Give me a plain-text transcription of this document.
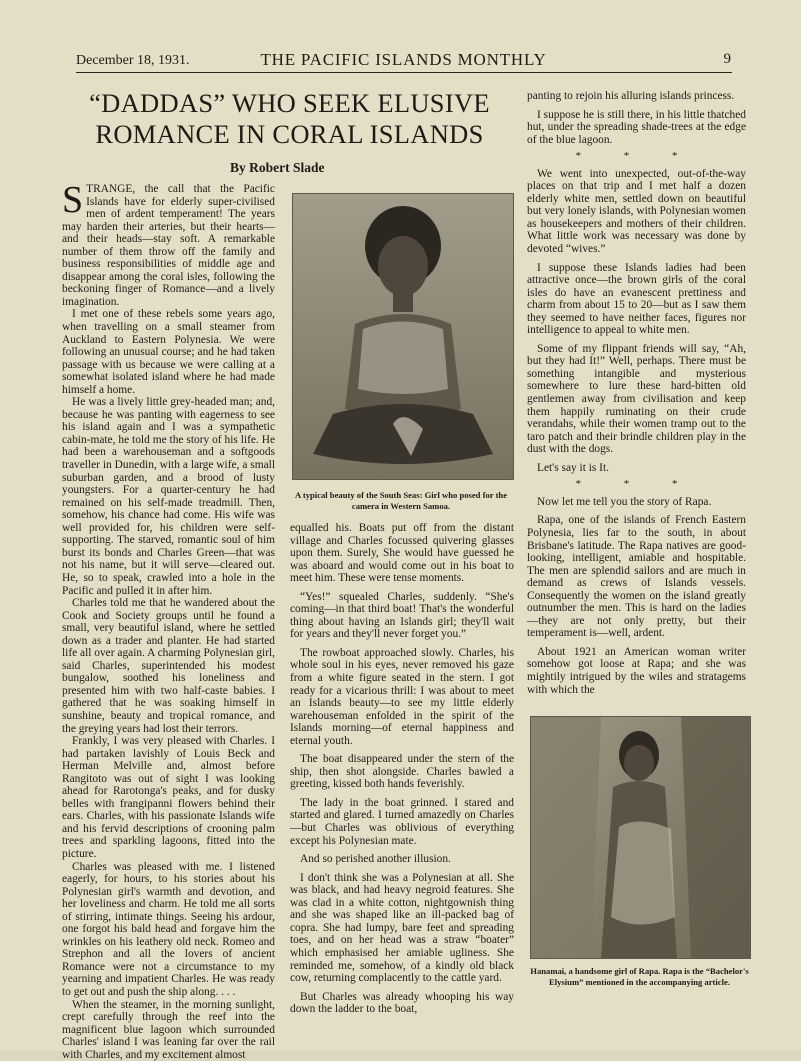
December 18, 1931.	THE PACIFIC ISLANDS MONTHLY	9
“DADDAS” WHO SEEK ELUSIVE
ROMANCE IN CORAL ISLANDS
By Robert Slade

STRANGE, the call that the Pacific Islands have for elderly super-civilised men of ardent temperament! The years may harden their arteries, but their hearts—and their heads—stay soft. A remarkable number of them throw off the family and business responsibilities of middle age and disappear among the coral isles, following the beckoning finger of Romance—and a lively imagination.

I met one of these rebels some years ago, when travelling on a small steamer from Auckland to Eastern Polynesia. We were following an unusual course; and he had taken passage with us because we were calling at a somewhat isolated island where he had made himself a home.

He was a lively little grey-headed man; and, because he was panting with eagerness to see his island again and I was a sympathetic cabin-mate, he told me the story of his life. He had been a warehouseman and a softgoods traveller in Dunedin, with a large wife, a small suburban garden, and a brood of lusty youngsters. For a quarter-century he had remained on his self-made treadmill. Then, somehow, his chance had come. His wife was well provided for, his children were self-supporting. The starved, romantic soul of him burst its bonds and Charles Green—that was not his name, but it will serve—cleared out. He, so to speak, crawled into a hole in the Pacific and pulled it in after him.

Charles told me that he wandered about the Cook and Society groups until he found a small, very beautiful island, where he settled down as a trader and planter. He had started life all over again. A charming Polynesian girl, said Charles, superintended his modest bungalow, soothed his loneliness and presented him with two half-caste babies. I gathered that he was soaking himself in sunshine, beauty and tropical romance, and the greying years had lost their terrors.

Frankly, I was very pleased with Charles. I had partaken lavishly of Louis Beck and Herman Melville and, almost before Rangitoto was out of sight I was looking ahead for Rarotonga's peaks, and for dusky belles with frangipanni flowers behind their ears. Charles, with his passionate Islands wife and his fervid descriptions of crooning palm trees and sparkling lagoons, fitted into the picture.

Charles was pleased with me. I listened eagerly, for hours, to his stories about his Polynesian girl's warmth and devotion, and her loveliness and charm. He told me all sorts of stirring, intimate things. Seeing his ardour, one forgot his bald head and forgave him the wrinkles on his leathery old neck. Romeo and Strephon and all the lovers of ancient Romance were not a circumstance to my yearning and impatient Charles. He was ready to get out and push the ship along. . . .

When the steamer, in the morning sunlight, crept carefully through the reef into the magnificent blue lagoon which surrounded Charles' island I was leaning far over the rail with Charles, and my excitement almost

A typical beauty of the South Seas: Girl who posed for the camera in Western Samoa.

equalled his. Boats put off from the distant village and Charles focussed quivering glasses upon them. Surely, She would have guessed he was aboard and would come out in his boat to meet him. These were tense moments.

“Yes!” squealed Charles, suddenly. “She's coming—in that third boat! That's the wonderful thing about having an Islands girl; they'll wait for years and they'll never forget you.”

The rowboat approached slowly. Charles, his whole soul in his eyes, never removed his gaze from a white figure seated in the stern. I got ready for a vicarious thrill: I was about to meet an Islands beauty—to see my little elderly warehouseman enfolded in the spirit of the Islands morning—of eternal happiness and eternal youth.

The boat disappeared under the stern of the ship, then shot alongside. Charles bawled a greeting, kissed both hands feverishly.

The lady in the boat grinned. I stared and started and glared. I turned amazedly on Charles—but Charles was oblivious of everything except his Polynesian mate.

And so perished another illusion.

I don't think she was a Polynesian at all. She was black, and had heavy negroid features. She was clad in a white cotton, nightgownish thing and she was shaped like an ill-packed bag of copra. She had lumpy, bare feet and spreading toes, and on her head was a straw “boater” which emphasised her amiable ugliness. She reminded me, somehow, of a kindly old black cow, returning complacently to the cattle yard.

But Charles was already whooping his way down the ladder to the boat,

panting to rejoin his alluring islands princess.

I suppose he is still there, in his little thatched hut, under the spreading shade-trees at the edge of the blue lagoon.

* * *

We went into unexpected, out-of-the-way places on that trip and I met half a dozen elderly white men, settled down on beautiful but very lonely islands, with Polynesian women as housekeepers and mothers of their children. What little work was necessary was done by devoted “wives.”

I suppose these Islands ladies had been attractive once—the brown girls of the coral isles do have an evanescent prettiness and charm from about 15 to 20—but as I saw them they seemed to have neither faces, figures nor intelligence to appeal to white men.

Some of my flippant friends will say, “Ah, but they had It!” Well, perhaps. There must be something intangible and mysterious somewhere to lure these hard-bitten old gentlemen away from civilisation and keep them happily ruminating on their crude verandahs, while their women tramp out to the taro patch and their brindle children play in the dust with the dogs.

Let's say it is It.

* * *

Now let me tell you the story of Rapa.

Rapa, one of the islands of French Eastern Polynesia, lies far to the south, in about Brisbane's latitude. The Rapa natives are good-looking, intelligent, amiable and hospitable. The men are splendid sailors and are much in demand as crews of Islands vessels. Consequently the women on the island greatly outnumber the men. This is hard on the ladies—they are not only pretty, but their temperament is—well, ardent.

About 1921 an American woman writer somehow got loose at Rapa; and she was mightily intrigued by the wiles and stratagems with which the

Hanamai, a handsome girl of Rapa. Rapa is the “Bachelor's Elysium” mentioned in the accompanying article.
